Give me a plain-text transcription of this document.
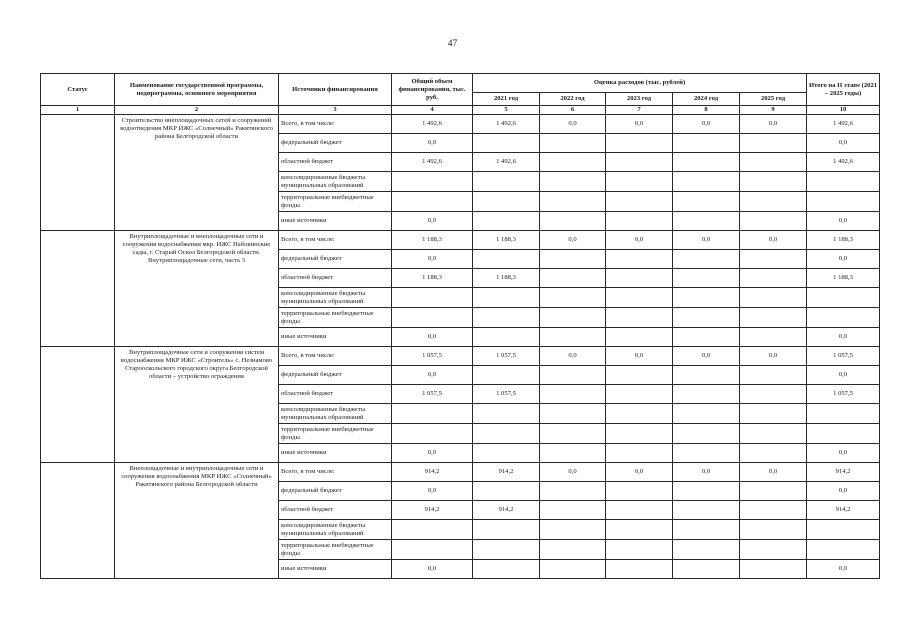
47
Статус	Наименование государственной программы, подпрограммы, основного мероприятия	Источники финансирования	Общий объем финансирования, тыс. руб.	Оценка расходов (тыс. рублей)					Итого на II этапе (2021 – 2025 годы)
				2021 год	2022 год	2023 год	2024 год	2025 год	
1	2	3	4	5	6	7	8	9	10
	Строительство внеплощадочных сетей и сооружений водоотведения МКР ИЖС «Солнечный» Ракитянского района Белгородской области	Всего, в том числе:	1 492,6	1 492,6	0,0	0,0	0,0	0,0	1 492,6
		федеральный бюджет	0,0						0,0
		областной бюджет	1 492,6	1 492,6					1 492,6
		консолидированные бюджеты муниципальных образований							
		территориальные внебюджетные фонды							
		иные источники	0,0						0,0
	Внутриплощадочные и внеплощадочные сети и сооружения водоснабжения мкр. ИЖС Набокинские сады, г. Старый Оскол Белгородской области. Внутриплощадочные сети, часть 3	Всего, в том числе:	1 188,3	1 188,3	0,0	0,0	0,0	0,0	1 188,3
		федеральный бюджет	0,0						0,0
		областной бюджет	1 188,3	1 188,3					1 188,3
		консолидированные бюджеты муниципальных образований							
		территориальные внебюджетные фонды							
		иные источники	0,0						0,0
	Внутриплощадочные сети и сооружения систем водоснабжения МКР ИЖС «Строитель» с. Незнамово Старооскольского городского округа Белгородской области – устройство ограждения	Всего, в том числе:	1 057,5	1 057,5	0,0	0,0	0,0	0,0	1 057,5
		федеральный бюджет	0,0						0,0
		областной бюджет	1 057,5	1 057,5					1 057,5
		консолидированные бюджеты муниципальных образований							
		территориальные внебюджетные фонды							
		иные источники	0,0						0,0
	Внеплощадочные и внутриплощадочные сети и сооружения водоснабжения МКР ИЖС «Солнечный» Ракитянского района Белгородской области	Всего, в том числе:	914,2	914,2	0,0	0,0	0,0	0,0	914,2
		федеральный бюджет	0,0						0,0
		областной бюджет	914,2	914,2					914,2
		консолидированные бюджеты муниципальных образований							
		территориальные внебюджетные фонды							
		иные источники	0,0						0,0
